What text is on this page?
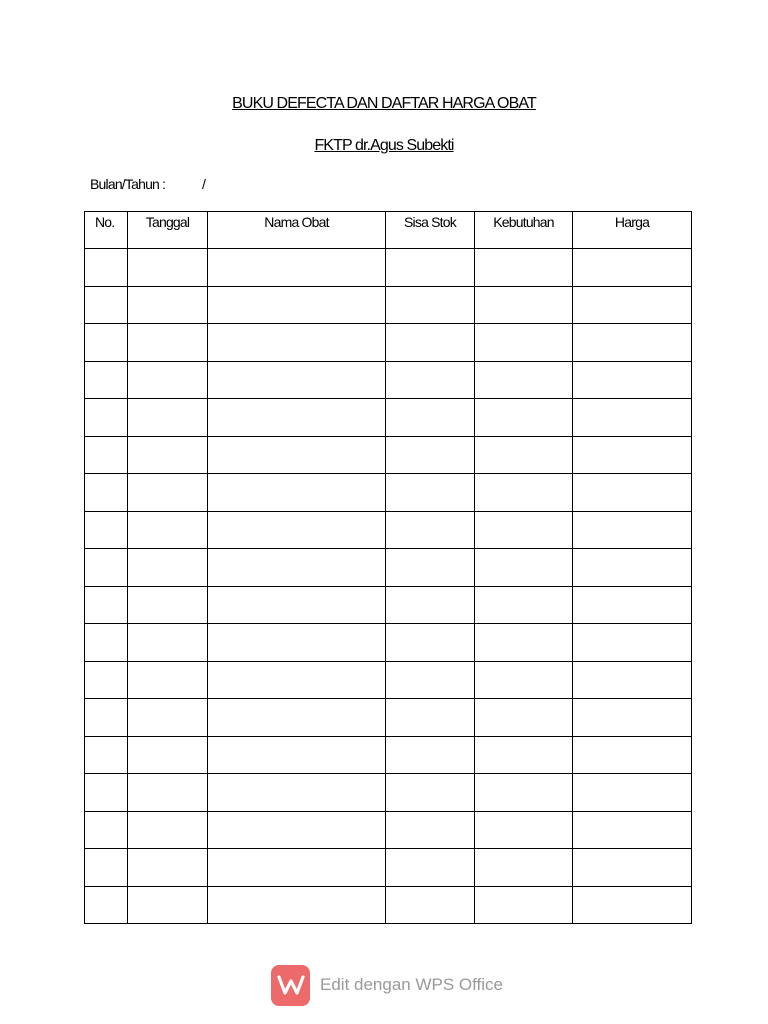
BUKU DEFECTA DAN DAFTAR HARGA OBAT
FKTP dr.Agus Subekti
Bulan/Tahun :	/
No.	Tanggal	Nama Obat	Sisa Stok	Kebutuhan	Harga

Edit dengan WPS Office
